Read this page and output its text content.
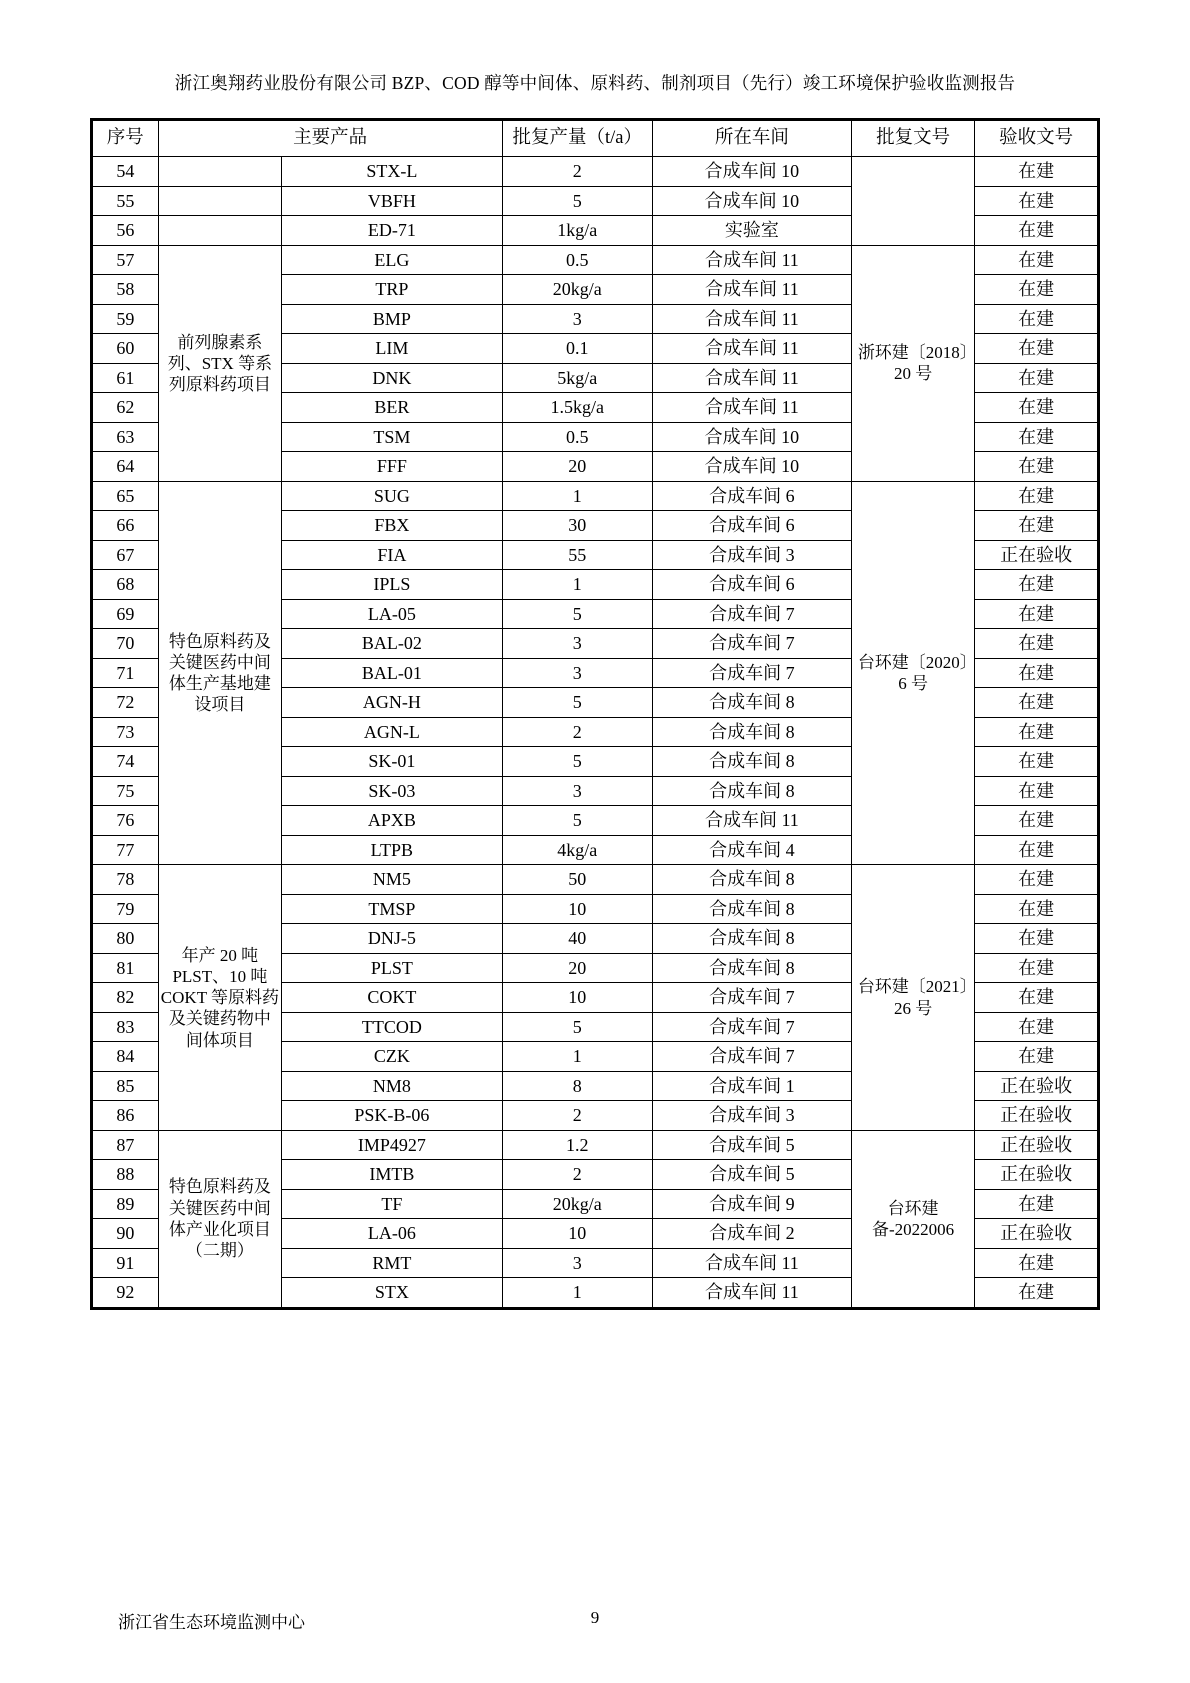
浙江奥翔药业股份有限公司 BZP、COD 醇等中间体、原料药、制剂项目（先行）竣工环境保护验收监测报告
序号	主要产品		批复产量（t/a）	所在车间	批复文号	验收文号
54		STX-L	2	合成车间 10		在建
55		VBFH	5	合成车间 10		在建
56		ED-71	1kg/a	实验室		在建
57	前列腺素系列、STX 等系列原料药项目	ELG	0.5	合成车间 11	浙环建〔2018〕20 号	在建
58		TRP	20kg/a	合成车间 11		在建
59		BMP	3	合成车间 11		在建
60		LIM	0.1	合成车间 11		在建
61		DNK	5kg/a	合成车间 11		在建
62		BER	1.5kg/a	合成车间 11		在建
63		TSM	0.5	合成车间 10		在建
64		FFF	20	合成车间 10		在建
65	特色原料药及关键医药中间体生产基地建设项目	SUG	1	合成车间 6	台环建〔2020〕6 号	在建
66		FBX	30	合成车间 6		在建
67		FIA	55	合成车间 3		正在验收
68		IPLS	1	合成车间 6		在建
69		LA-05	5	合成车间 7		在建
70		BAL-02	3	合成车间 7		在建
71		BAL-01	3	合成车间 7		在建
72		AGN-H	5	合成车间 8		在建
73		AGN-L	2	合成车间 8		在建
74		SK-01	5	合成车间 8		在建
75		SK-03	3	合成车间 8		在建
76		APXB	5	合成车间 11		在建
77		LTPB	4kg/a	合成车间 4		在建
78	年产 20 吨 PLST、10 吨 COKT 等原料药及关键药物中间体项目	NM5	50	合成车间 8	台环建〔2021〕26 号	在建
79		TMSP	10	合成车间 8		在建
80		DNJ-5	40	合成车间 8		在建
81		PLST	20	合成车间 8		在建
82		COKT	10	合成车间 7		在建
83		TTCOD	5	合成车间 7		在建
84		CZK	1	合成车间 7		在建
85		NM8	8	合成车间 1		正在验收
86		PSK-B-06	2	合成车间 3		正在验收
87	特色原料药及关键医药中间体产业化项目（二期）	IMP4927	1.2	合成车间 5	台环建备-2022006	正在验收
88		IMTB	2	合成车间 5		正在验收
89		TF	20kg/a	合成车间 9		在建
90		LA-06	10	合成车间 2		正在验收
91		RMT	3	合成车间 11		在建
92		STX	1	合成车间 11		在建
浙江省生态环境监测中心	9
